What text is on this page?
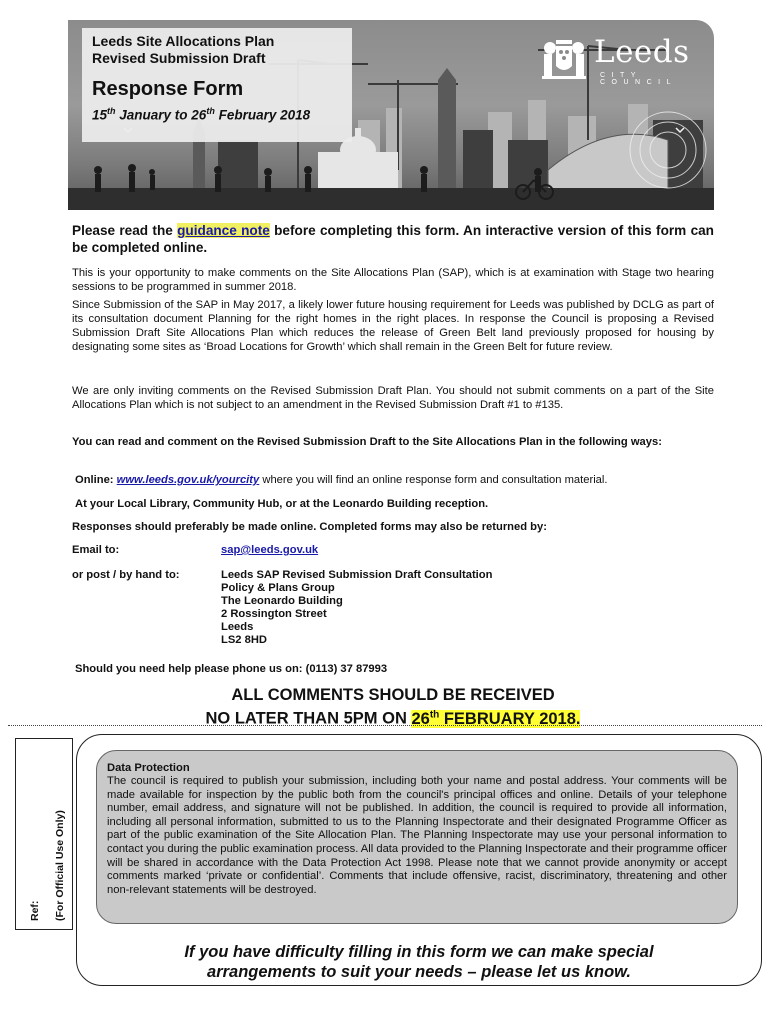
Leeds Site Allocations Plan
Revised Submission Draft
Response Form
15th January to 26th February 2018
Leeds
CITY COUNCIL
Please read the guidance note before completing this form. An interactive version of this form can be completed online.
This is your opportunity to make comments on the Site Allocations Plan (SAP), which is at examination with Stage two hearing sessions to be programmed in summer 2018.
Since Submission of the SAP in May 2017, a likely lower future housing requirement for Leeds was published by DCLG as part of its consultation document Planning for the right homes in the right places. In response the Council is proposing a Revised Submission Draft Site Allocations Plan which reduces the release of Green Belt land previously proposed for housing by designating some sites as ‘Broad Locations for Growth’ which shall remain in the Green Belt for future review.
We are only inviting comments on the Revised Submission Draft Plan. You should not submit comments on a part of the Site Allocations Plan which is not subject to an amendment in the Revised Submission Draft #1 to #135.
You can read and comment on the Revised Submission Draft to the Site Allocations Plan in the following ways:
Online: www.leeds.gov.uk/yourcity where you will find an online response form and consultation material.
At your Local Library, Community Hub, or at the Leonardo Building reception.
Responses should preferably be made online. Completed forms may also be returned by:
Email to:	sap@leeds.gov.uk
or post / by hand to:	Leeds SAP Revised Submission Draft Consultation
Policy & Plans Group
The Leonardo Building
2 Rossington Street
Leeds
LS2 8HD
Should you need help please phone us on: (0113) 37 87993
ALL COMMENTS SHOULD BE RECEIVED
NO LATER THAN 5PM ON 26th FEBRUARY 2018.
Ref: (For Official Use Only)
Data Protection
The council is required to publish your submission, including both your name and postal address. Your comments will be made available for inspection by the public both from the council's principal offices and online. Details of your telephone number, email address, and signature will not be published. In addition, the council is required to provide all information, including all personal information, submitted to us to the Planning Inspectorate and their designated Programme Officer as part of the public examination of the Site Allocation Plan. The Planning Inspectorate may use your personal information to contact you during the public examination process. All data provided to the Planning Inspectorate and their programme officer will be shared in accordance with the Data Protection Act 1998. Please note that we cannot provide anonymity or accept comments marked ‘private or confidential’. Comments that include offensive, racist, discriminatory, threatening and other non-relevant statements will be destroyed.
If you have difficulty filling in this form we can make special
arrangements to suit your needs – please let us know.
